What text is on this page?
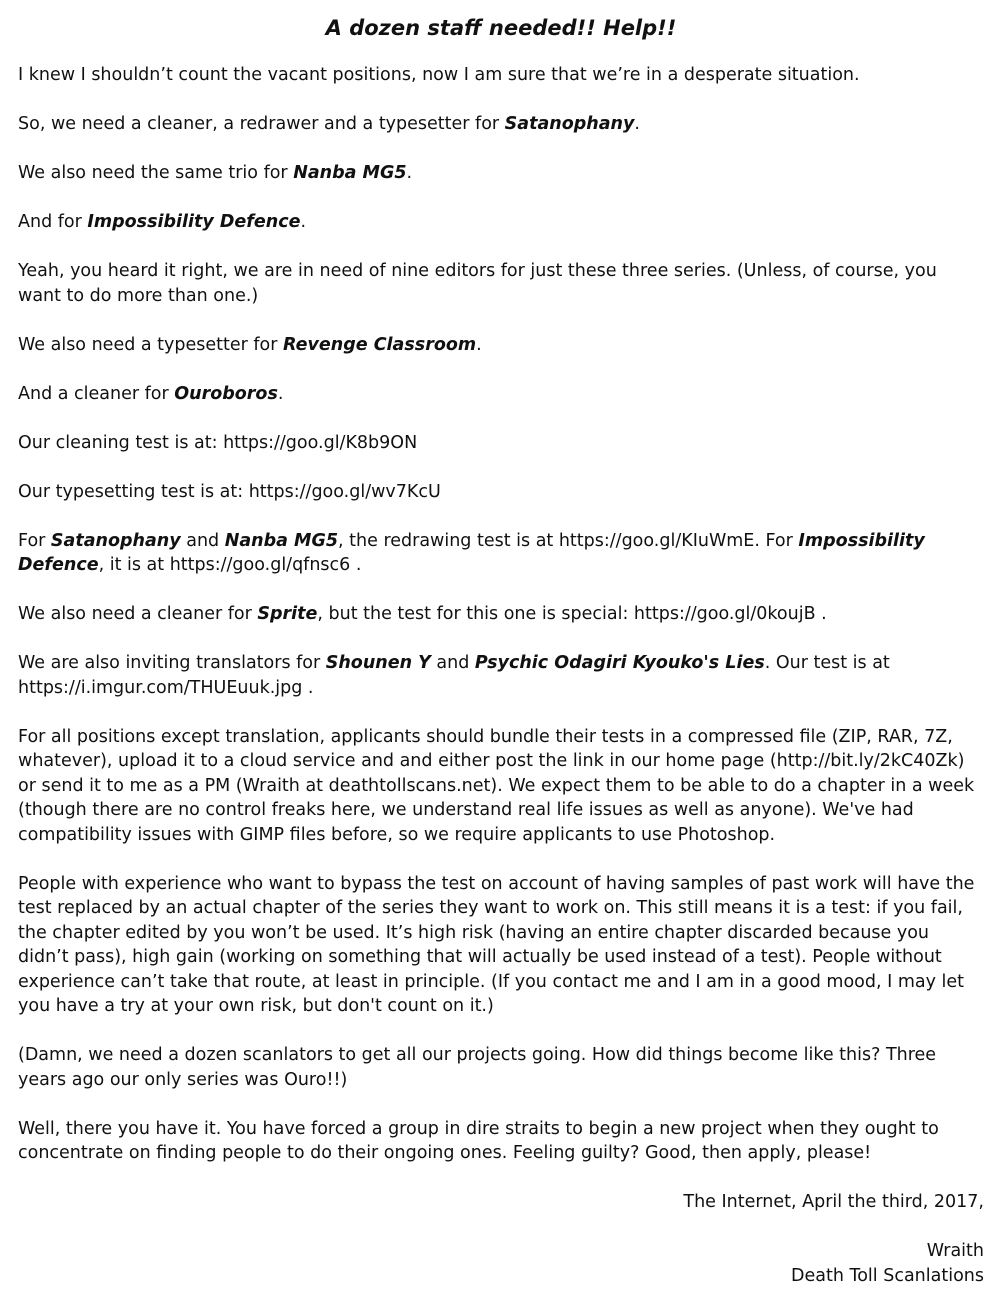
A dozen staff needed!! Help!!

I knew I shouldn’t count the vacant positions, now I am sure that we’re in a desperate situation.

So, we need a cleaner, a redrawer and a typesetter for Satanophany.

We also need the same trio for Nanba MG5.

And for Impossibility Defence.

Yeah, you heard it right, we are in need of nine editors for just these three series. (Unless, of course, you want to do more than one.)

We also need a typesetter for Revenge Classroom.

And a cleaner for Ouroboros.

Our cleaning test is at: https://goo.gl/K8b9ON

Our typesetting test is at: https://goo.gl/wv7KcU

For Satanophany and Nanba MG5, the redrawing test is at https://goo.gl/KIuWmE. For Impossibility Defence, it is at https://goo.gl/qfnsc6 .

We also need a cleaner for Sprite, but the test for this one is special: https://goo.gl/0koujB .

We are also inviting translators for Shounen Y and Psychic Odagiri Kyouko's Lies. Our test is at https://i.imgur.com/THUEuuk.jpg .

For all positions except translation, applicants should bundle their tests in a compressed file (ZIP, RAR, 7Z, whatever), upload it to a cloud service and and either post the link in our home page (http://bit.ly/2kC40Zk) or send it to me as a PM (Wraith at deathtollscans.net). We expect them to be able to do a chapter in a week (though there are no control freaks here, we understand real life issues as well as anyone). We've had compatibility issues with GIMP files before, so we require applicants to use Photoshop.

People with experience who want to bypass the test on account of having samples of past work will have the test replaced by an actual chapter of the series they want to work on. This still means it is a test: if you fail, the chapter edited by you won’t be used. It’s high risk (having an entire chapter discarded because you didn’t pass), high gain (working on something that will actually be used instead of a test). People without experience can’t take that route, at least in principle. (If you contact me and I am in a good mood, I may let you have a try at your own risk, but don't count on it.)

(Damn, we need a dozen scanlators to get all our projects going. How did things become like this? Three years ago our only series was Ouro!!)

Well, there you have it. You have forced a group in dire straits to begin a new project when they ought to concentrate on finding people to do their ongoing ones. Feeling guilty? Good, then apply, please!

The Internet, April the third, 2017,

Wraith
Death Toll Scanlations
